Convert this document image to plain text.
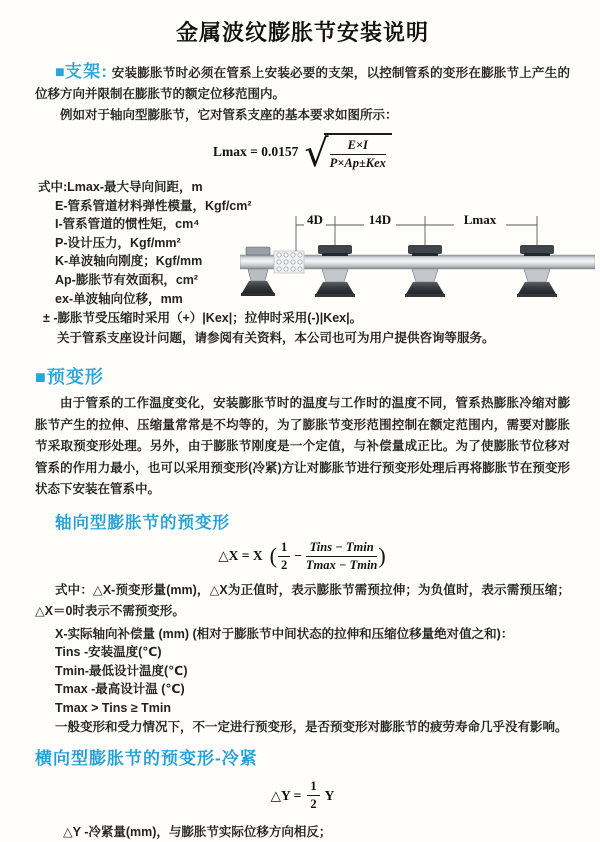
金属波纹膨胀节安装说明

■支架: 安装膨胀节时必须在管系上安装必要的支架，以控制管系的变形在膨胀节上产生的位移方向并限制在膨胀节的额定位移范围内。

例如对于轴向型膨胀节，它对管系支座的基本要求如图所示：

Lmax = 0.0157 √ $\frac{E\times I}{\text{P×Ap±Kex}}$
式中:Lmax-最大导向间距，m
E-管系管道材料弹性模量，Kgf/cm²
I-管系管道的惯性矩，cm⁴
P-设计压力，Kgf/mm²
K-单波轴向刚度；Kgf/mm
Ap-膨胀节有效面积，cm²
ex-单波轴向位移，mm
± -膨胀节受压缩时采用（+）|Kex|；拉伸时采用(-)|Kex|。
关于管系支座设计问题，请参阅有关资料，本公司也可为用户提供咨询等服务。
4D	14D	Lmax
■预变形

由于管系的工作温度变化，安装膨胀节时的温度与工作时的温度不同，管系热膨胀冷缩对膨胀节产生的拉伸、压缩量常常是不均等的，为了膨胀节变形范围控制在额定范围内，需要对膨胀节采取预变形处理。另外，由于膨胀节刚度是一个定值，与补偿量成正比。为了使膨胀节位移对管系的作用力最小，也可以采用预变形(冷紧)方让对膨胀节进行预变形处理后再将膨胀节在预变形状态下安装在管系中。

轴向型膨胀节的预变形
△X = X ( $\frac{1}{2} - \frac{\text{Tins − Tmin}}{Tmax - Tmin}$ )

式中：△X-预变形量(mm)，△X为正值时，表示膨胀节需预拉伸；为负值时，表示需预压缩；△X＝0时表示不需预变形。

X-实际轴向补偿量 (mm) (相对于膨胀节中间状态的拉伸和压缩位移量绝对值之和)：
Tins -安装温度(℃)
Tmin-最低设计温度(℃)
Tmax -最高设计温 (℃)
Tmax > Tins ≥ Tmin
一般变形和受力情况下，不一定进行预变形，是否预变形对膨胀节的疲劳寿命几乎没有影响。
横向型膨胀节的预变形-冷紧
△Y = $\frac{1}{2}$ Y
△Y -冷紧量(mm)，与膨胀节实际位移方向相反；
